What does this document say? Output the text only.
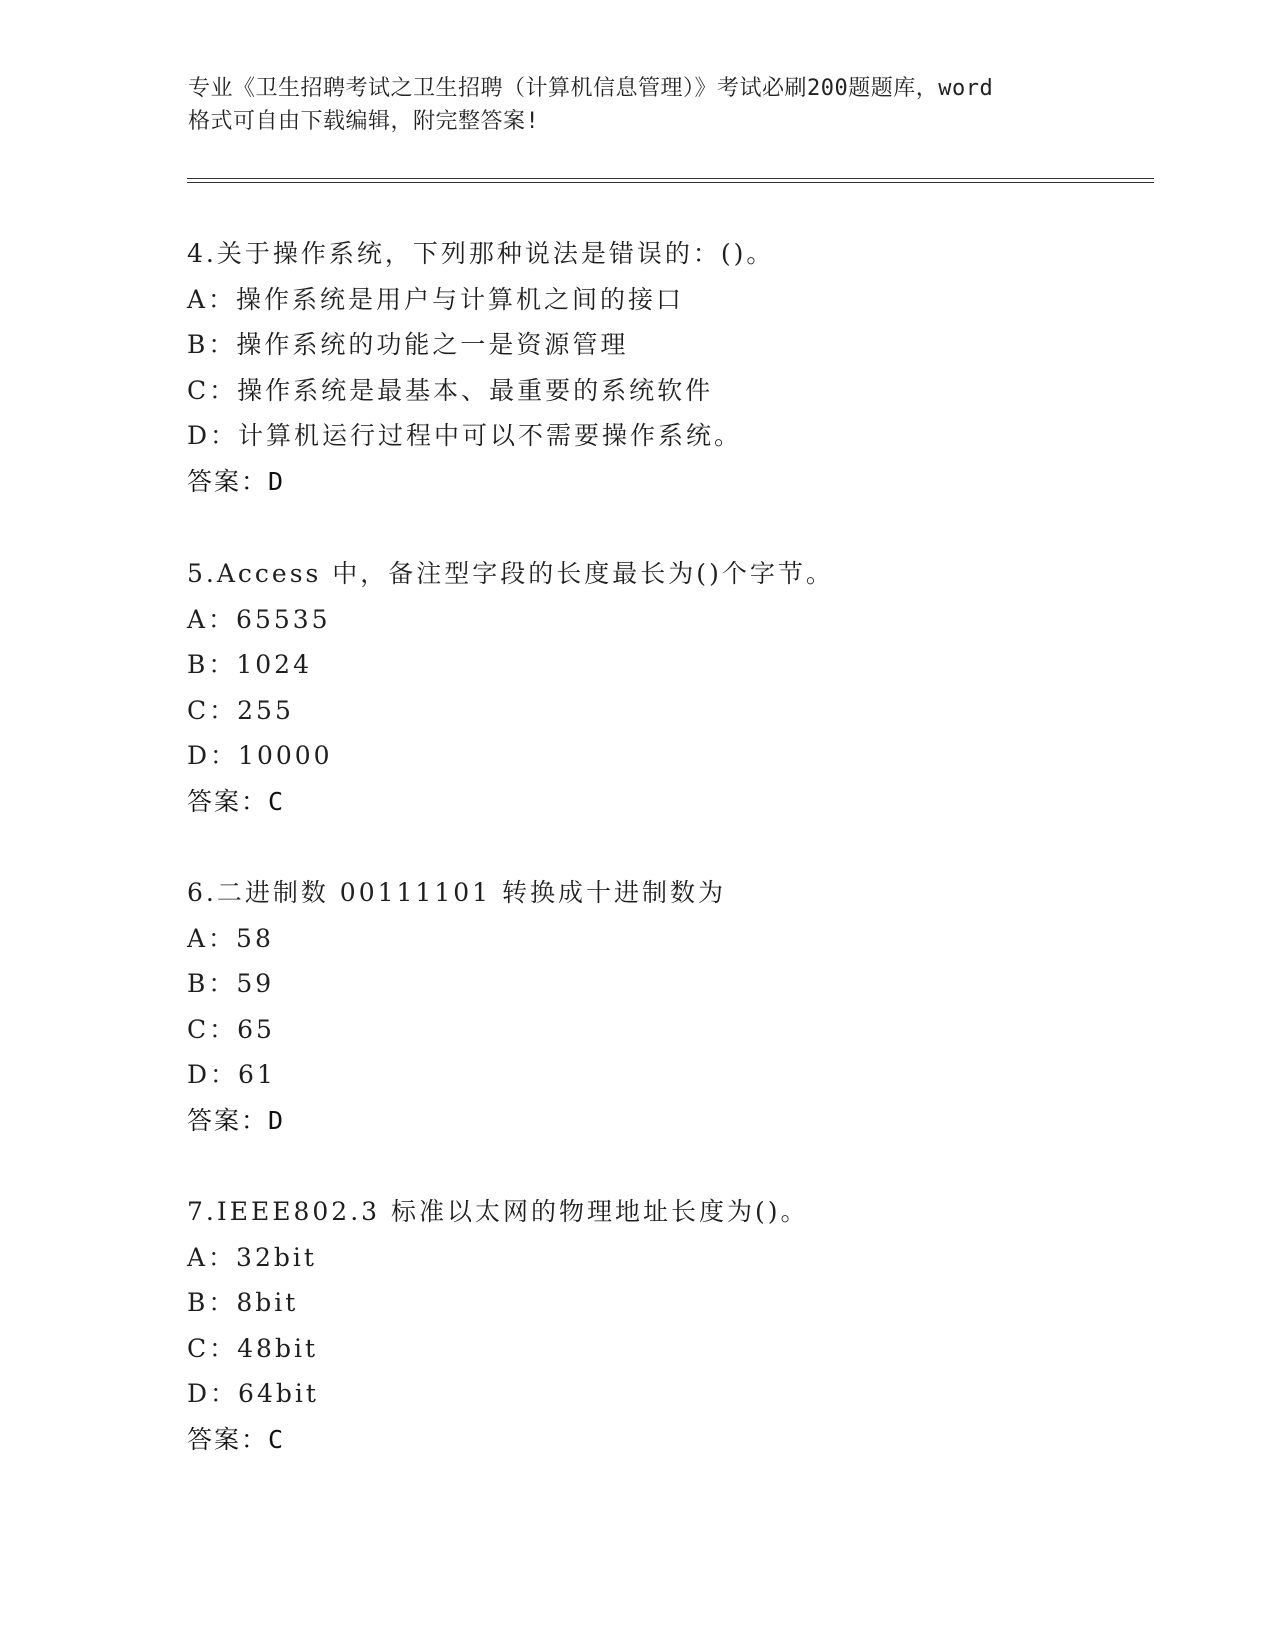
专业《卫生招聘考试之卫生招聘（计算机信息管理）》考试必刷200题题库，word
格式可自由下载编辑，附完整答案!
4.关于操作系统，下列那种说法是错误的：()。
A：操作系统是用户与计算机之间的接口
B：操作系统的功能之一是资源管理
C：操作系统是最基本、最重要的系统软件
D：计算机运行过程中可以不需要操作系统。
答案：D
5.Access 中，备注型字段的长度最长为()个字节。
A：65535
B：1024
C：255
D：10000
答案：C
6.二进制数 00111101 转换成十进制数为
A：58
B：59
C：65
D：61
答案：D
7.IEEE802.3 标准以太网的物理地址长度为()。
A：32bit
B：8bit
C：48bit
D：64bit
答案：C
